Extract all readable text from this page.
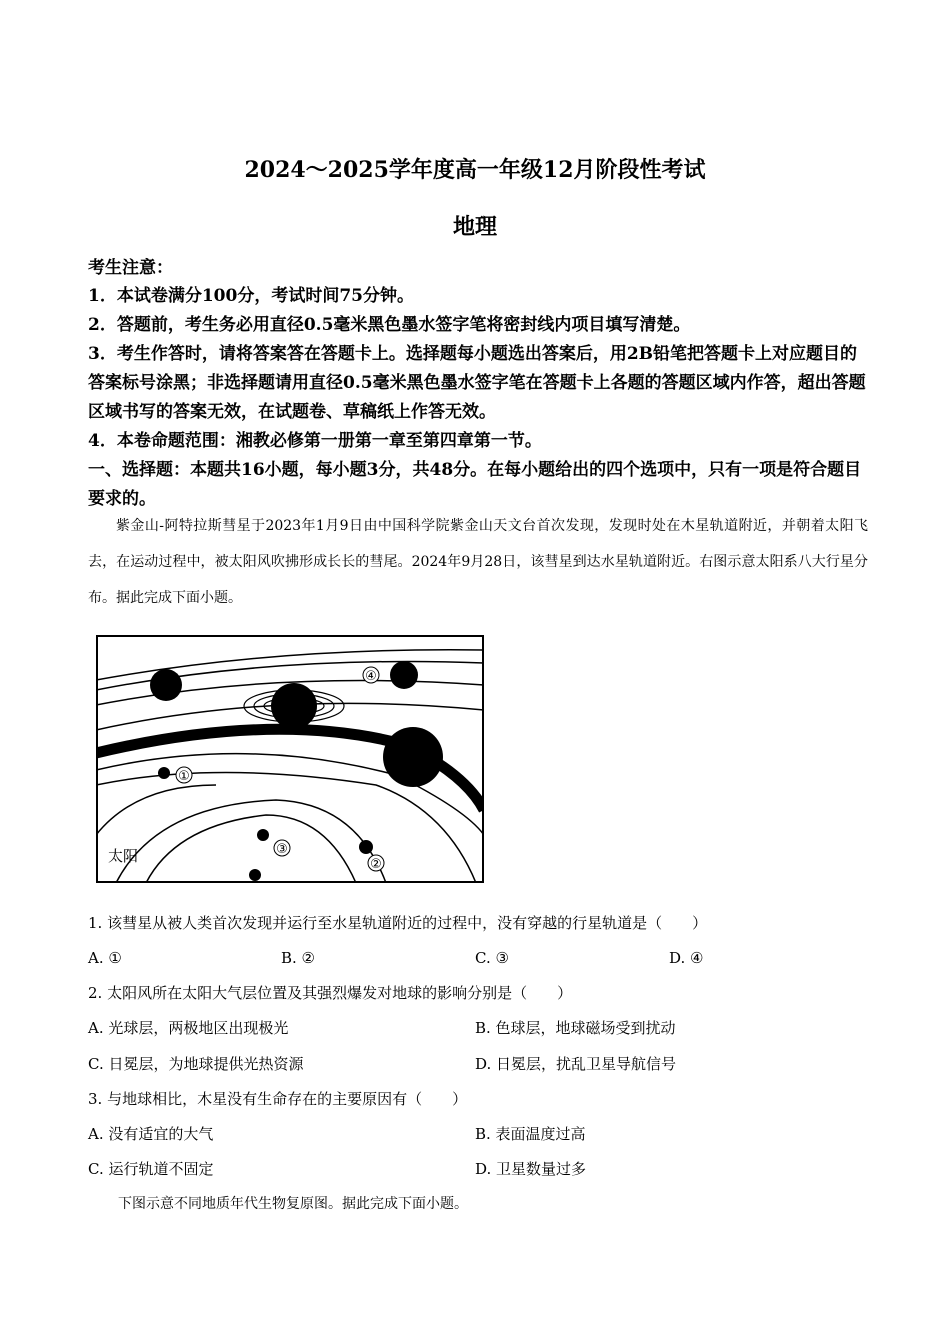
2024～2025学年度高一年级12月阶段性考试
地理
考生注意：
1．本试卷满分100分，考试时间75分钟。
2．答题前，考生务必用直径0.5毫米黑色墨水签字笔将密封线内项目填写清楚。
3．考生作答时，请将答案答在答题卡上。选择题每小题选出答案后，用2B铅笔把答题卡上对应题目的答案标号涂黑；非选择题请用直径0.5毫米黑色墨水签字笔在答题卡上各题的答题区域内作答，超出答题区域书写的答案无效，在试题卷、草稿纸上作答无效。
4．本卷命题范围：湘教必修第一册第一章至第四章第一节。
一、选择题：本题共16小题，每小题3分，共48分。在每小题给出的四个选项中，只有一项是符合题目要求的。
紫金山-阿特拉斯彗星于2023年1月9日由中国科学院紫金山天文台首次发现，发现时处在木星轨道附近，并朝着太阳飞去，在运动过程中，被太阳风吹拂形成长长的彗尾。2024年9月28日，该彗星到达水星轨道附近。右图示意太阳系八大行星分布。据此完成下面小题。
①
②
③
④
太阳
1. 该彗星从被人类首次发现并运行至水星轨道附近的过程中，没有穿越的行星轨道是（　　）
A. ①	B. ②	C. ③	D. ④
2. 太阳风所在太阳大气层位置及其强烈爆发对地球的影响分别是（　　）
A. 光球层，两极地区出现极光	B. 色球层，地球磁场受到扰动
C. 日冕层，为地球提供光热资源	D. 日冕层，扰乱卫星导航信号
3. 与地球相比，木星没有生命存在的主要原因有（　　）
A. 没有适宜的大气	B. 表面温度过高
C. 运行轨道不固定	D. 卫星数量过多
下图示意不同地质年代生物复原图。据此完成下面小题。
